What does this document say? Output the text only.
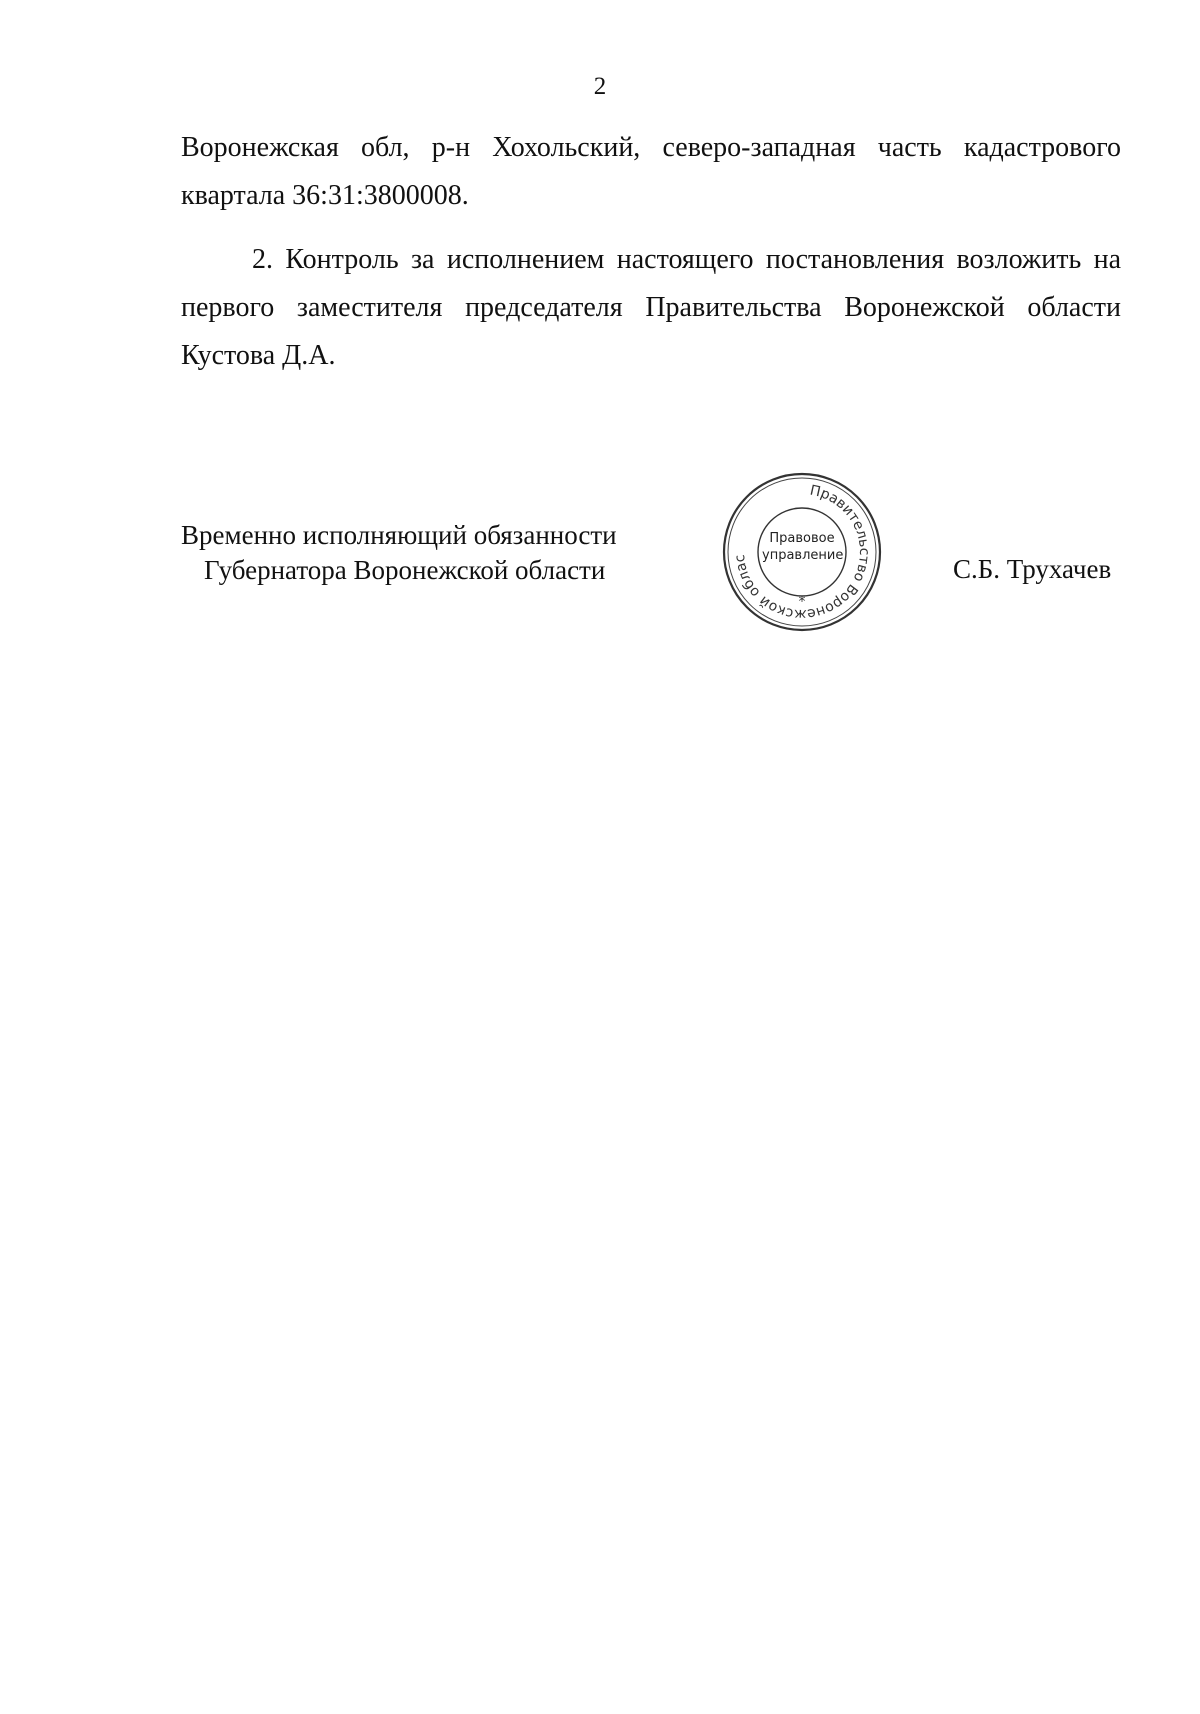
2

Воронежская обл, р-н Хохольский, северо-западная часть кадастрового
квартала 36:31:3800008.

2. Контроль за исполнением настоящего постановления возложить на
первого заместителя председателя Правительства Воронежской области
Кустова Д.А.

Временно исполняющий обязанности
Губернатора Воронежской области
Правительство Воронежской облас
*
Правовое
управление	С.Б. Трухачев
